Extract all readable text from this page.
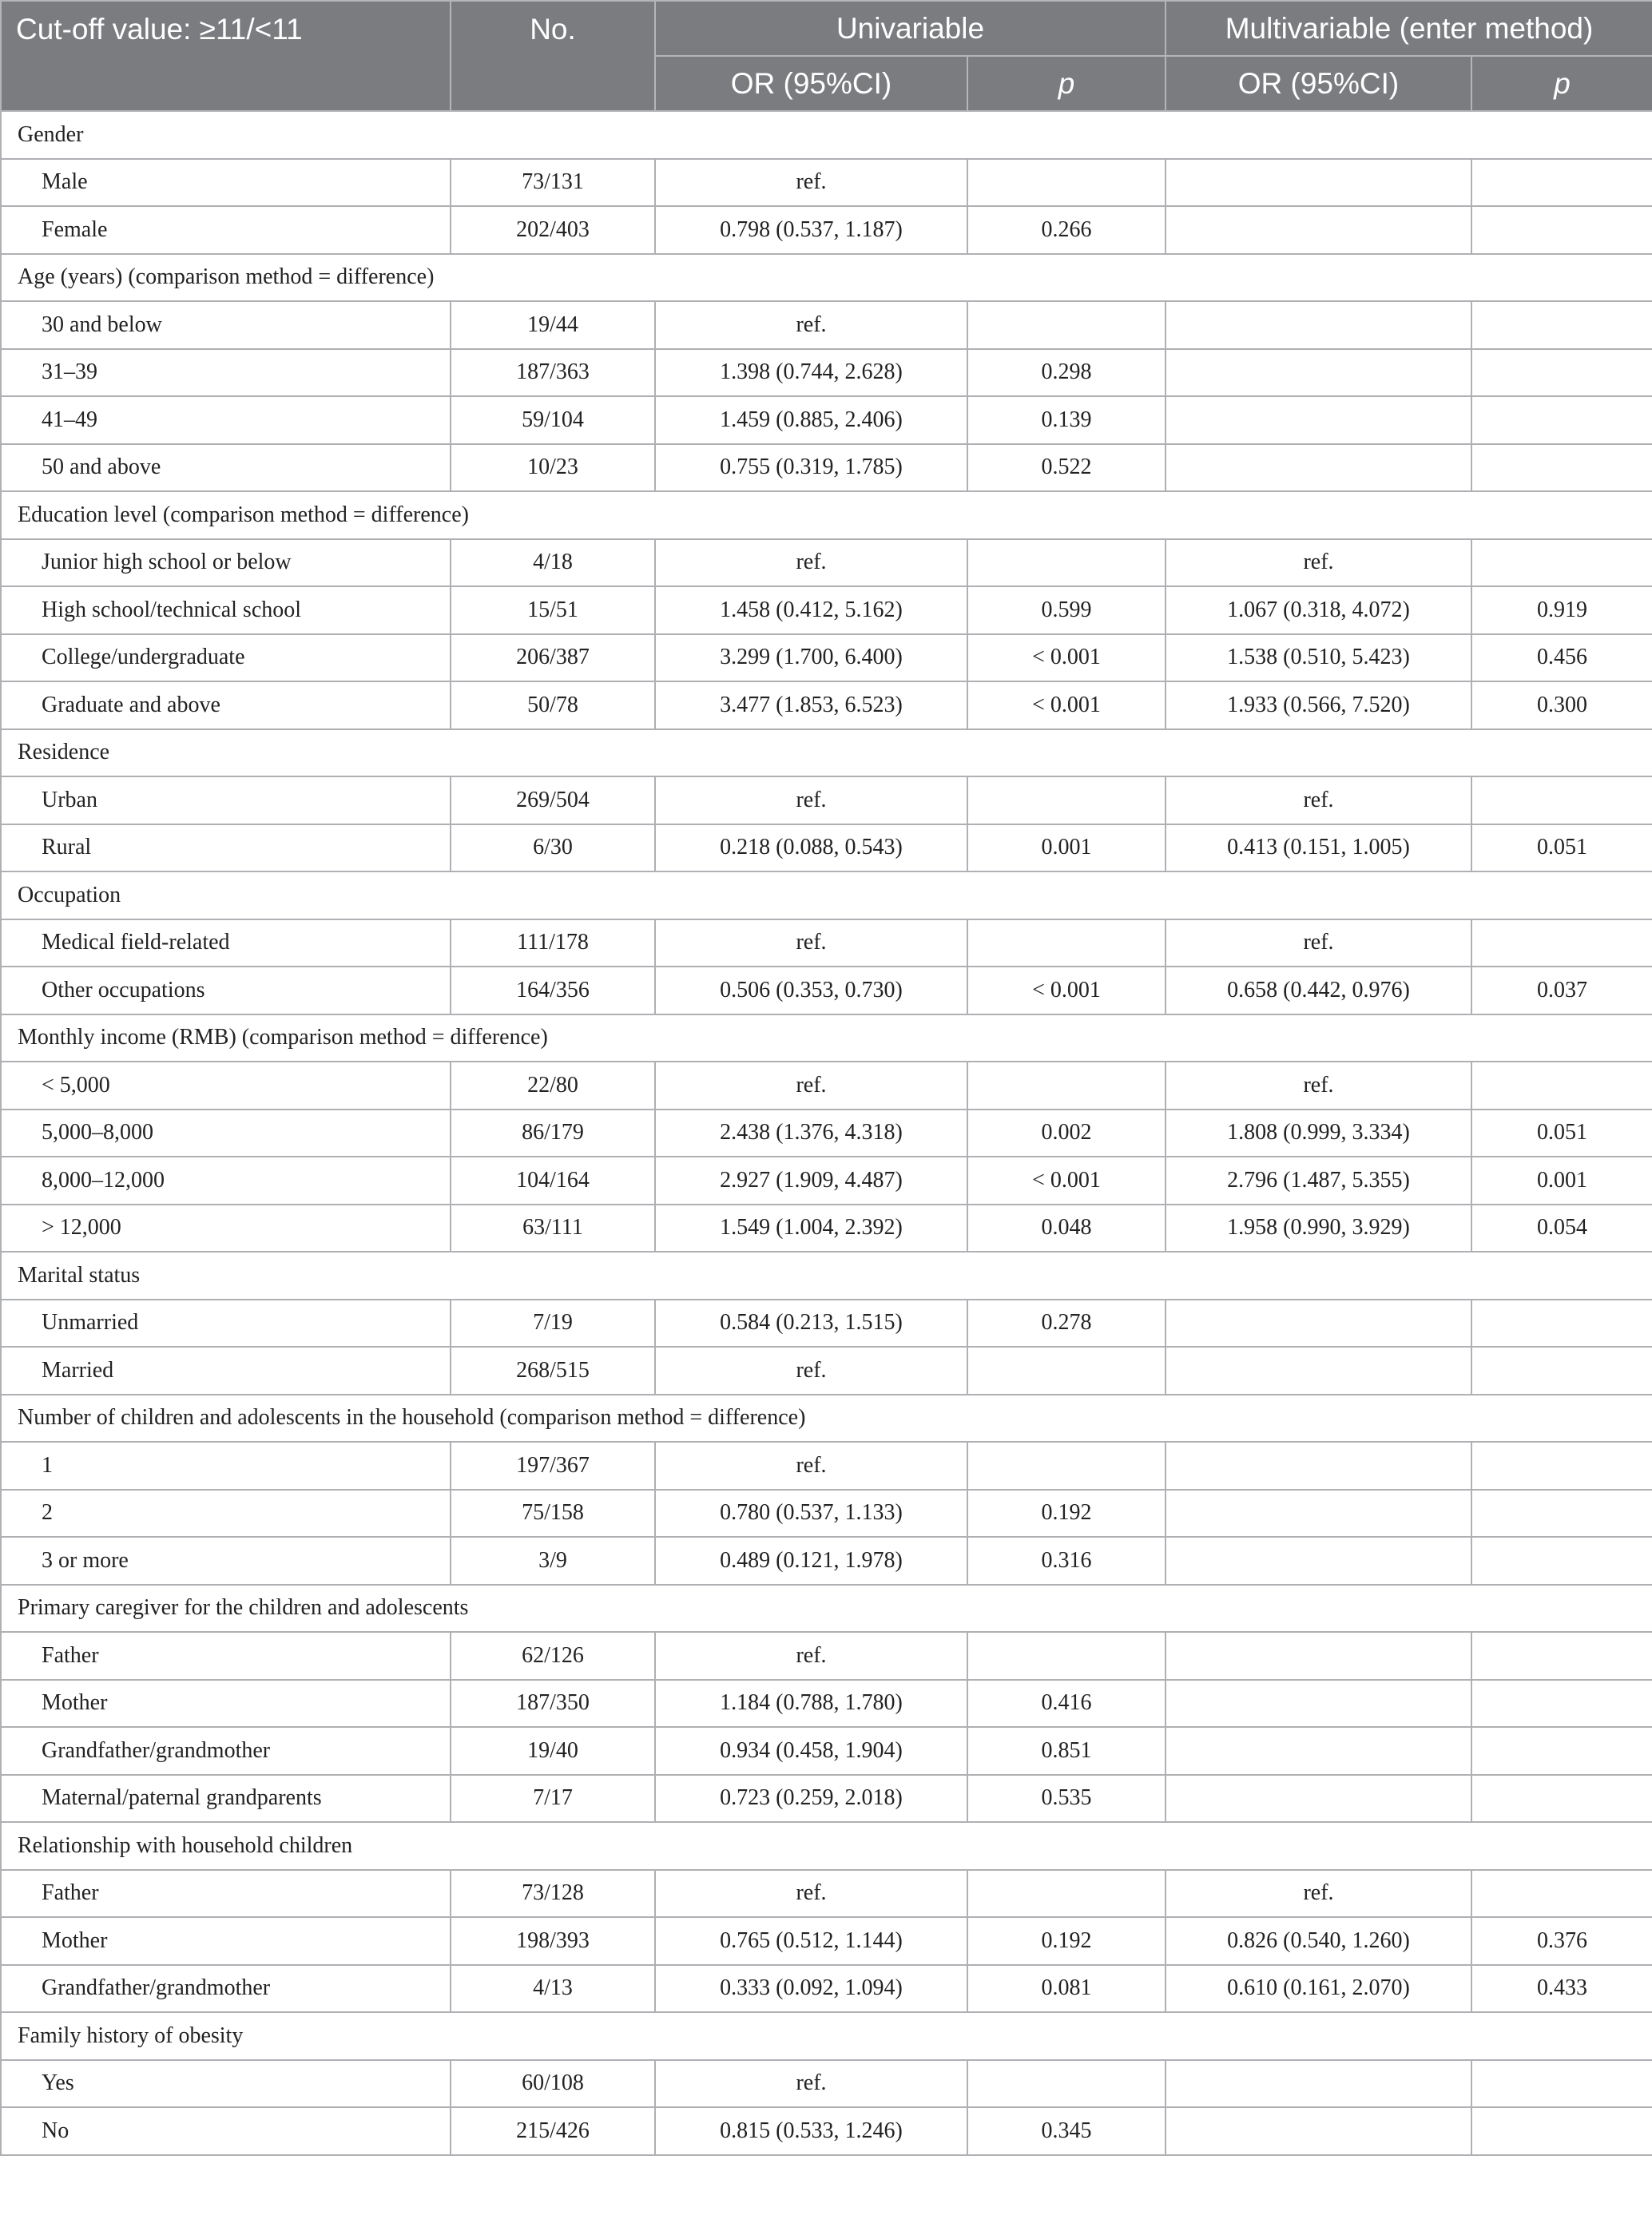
Cut-off value: ≥11/<11	No.	Univariable		Multivariable (enter method)	
		OR (95%CI)	p	OR (95%CI)	p
Gender					
Male	73/131	ref.			
Female	202/403	0.798 (0.537, 1.187)	0.266		
Age (years) (comparison method = difference)					
30 and below	19/44	ref.			
31–39	187/363	1.398 (0.744, 2.628)	0.298		
41–49	59/104	1.459 (0.885, 2.406)	0.139		
50 and above	10/23	0.755 (0.319, 1.785)	0.522		
Education level (comparison method = difference)					
Junior high school or below	4/18	ref.		ref.	
High school/technical school	15/51	1.458 (0.412, 5.162)	0.599	1.067 (0.318, 4.072)	0.919
College/undergraduate	206/387	3.299 (1.700, 6.400)	< 0.001	1.538 (0.510, 5.423)	0.456
Graduate and above	50/78	3.477 (1.853, 6.523)	< 0.001	1.933 (0.566, 7.520)	0.300
Residence					
Urban	269/504	ref.		ref.	
Rural	6/30	0.218 (0.088, 0.543)	0.001	0.413 (0.151, 1.005)	0.051
Occupation					
Medical field-related	111/178	ref.		ref.	
Other occupations	164/356	0.506 (0.353, 0.730)	< 0.001	0.658 (0.442, 0.976)	0.037
Monthly income (RMB) (comparison method = difference)					
< 5,000	22/80	ref.		ref.	
5,000–8,000	86/179	2.438 (1.376, 4.318)	0.002	1.808 (0.999, 3.334)	0.051
8,000–12,000	104/164	2.927 (1.909, 4.487)	< 0.001	2.796 (1.487, 5.355)	0.001
> 12,000	63/111	1.549 (1.004, 2.392)	0.048	1.958 (0.990, 3.929)	0.054
Marital status					
Unmarried	7/19	0.584 (0.213, 1.515)	0.278		
Married	268/515	ref.			
Number of children and adolescents in the household (comparison method = difference)					
1	197/367	ref.			
2	75/158	0.780 (0.537, 1.133)	0.192		
3 or more	3/9	0.489 (0.121, 1.978)	0.316		
Primary caregiver for the children and adolescents					
Father	62/126	ref.			
Mother	187/350	1.184 (0.788, 1.780)	0.416		
Grandfather/grandmother	19/40	0.934 (0.458, 1.904)	0.851		
Maternal/paternal grandparents	7/17	0.723 (0.259, 2.018)	0.535		
Relationship with household children					
Father	73/128	ref.		ref.	
Mother	198/393	0.765 (0.512, 1.144)	0.192	0.826 (0.540, 1.260)	0.376
Grandfather/grandmother	4/13	0.333 (0.092, 1.094)	0.081	0.610 (0.161, 2.070)	0.433
Family history of obesity					
Yes	60/108	ref.			
No	215/426	0.815 (0.533, 1.246)	0.345		
